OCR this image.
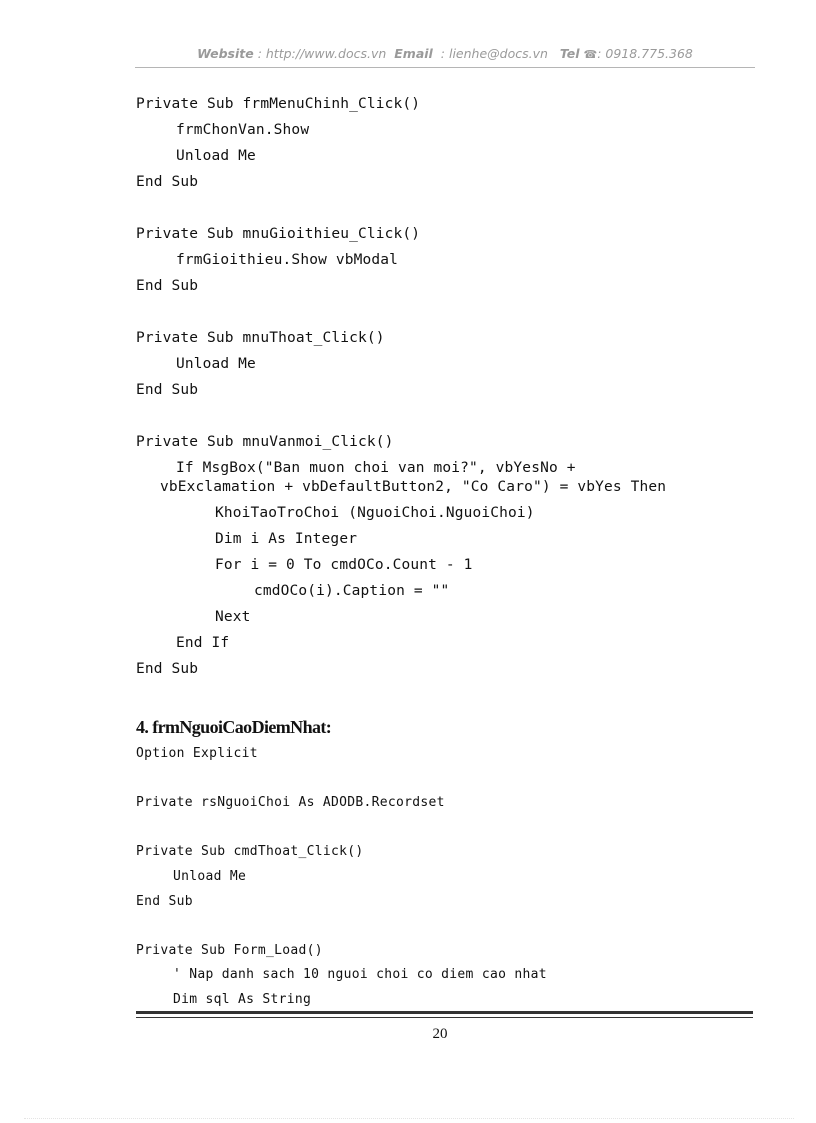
Website : http://www.docs.vn Email : lienhe@docs.vn Tel ☎: 0918.775.368
Private Sub frmMenuChinh_Click()
frmChonVan.Show
Unload Me
End Sub
Private Sub mnuGioithieu_Click()
frmGioithieu.Show vbModal
End Sub
Private Sub mnuThoat_Click()
Unload Me
End Sub
Private Sub mnuVanmoi_Click()
If MsgBox("Ban muon choi van moi?", vbYesNo +
vbExclamation + vbDefaultButton2, "Co Caro") = vbYes Then
KhoiTaoTroChoi (NguoiChoi.NguoiChoi)
Dim i As Integer
For i = 0 To cmdOCo.Count - 1
cmdOCo(i).Caption = ""
Next
End If
End Sub
4. frmNguoiCaoDiemNhat:
Option Explicit
Private rsNguoiChoi As ADODB.Recordset
Private Sub cmdThoat_Click()
Unload Me
End Sub
Private Sub Form_Load()
' Nap danh sach 10 nguoi choi co diem cao nhat
Dim sql As String
20
